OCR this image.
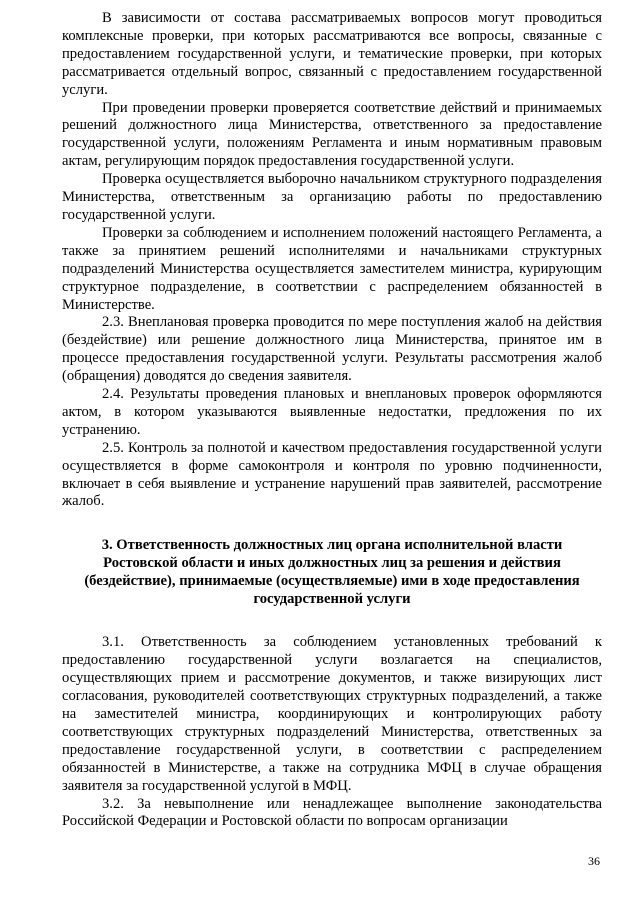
В зависимости от состава рассматриваемых вопросов могут проводиться комплексные проверки, при которых рассматриваются все вопросы, связанные с предоставлением государственной услуги, и тематические проверки, при которых рассматривается отдельный вопрос, связанный с предоставлением государственной услуги.

При проведении проверки проверяется соответствие действий и принимаемых решений должностного лица Министерства, ответственного за предоставление государственной услуги, положениям Регламента и иным нормативным правовым актам, регулирующим порядок предоставления государственной услуги.

Проверка осуществляется выборочно начальником структурного подразделения Министерства, ответственным за организацию работы по предоставлению государственной услуги.

Проверки за соблюдением и исполнением положений настоящего Регламента, а также за принятием решений исполнителями и начальниками структурных подразделений Министерства осуществляется заместителем министра, курирующим структурное подразделение, в соответствии с распределением обязанностей в Министерстве.

2.3. Внеплановая проверка проводится по мере поступления жалоб на действия (бездействие) или решение должностного лица Министерства, принятое им в процессе предоставления государственной услуги. Результаты рассмотрения жалоб (обращения) доводятся до сведения заявителя.

2.4. Результаты проведения плановых и внеплановых проверок оформляются актом, в котором указываются выявленные недостатки, предложения по их устранению.

2.5. Контроль за полнотой и качеством предоставления государственной услуги осуществляется в форме самоконтроля и контроля по уровню подчиненности, включает в себя выявление и устранение нарушений прав заявителей, рассмотрение жалоб.

3. Ответственность должностных лиц органа исполнительной власти
Ростовской области и иных должностных лиц за решения и действия
(бездействие), принимаемые (осуществляемые) ими в ходе предоставления
государственной услуги

3.1. Ответственность за соблюдением установленных требований к предоставлению государственной услуги возлагается на специалистов, осуществляющих прием и рассмотрение документов, и также визирующих лист согласования, руководителей соответствующих структурных подразделений, а также на заместителей министра, координирующих и контролирующих работу соответствующих структурных подразделений Министерства, ответственных за предоставление государственной услуги, в соответствии с распределением обязанностей в Министерстве, а также на сотрудника МФЦ в случае обращения заявителя за государственной услугой в МФЦ.

3.2. За невыполнение или ненадлежащее выполнение законодательства Российской Федерации и Ростовской области по вопросам организации

36
